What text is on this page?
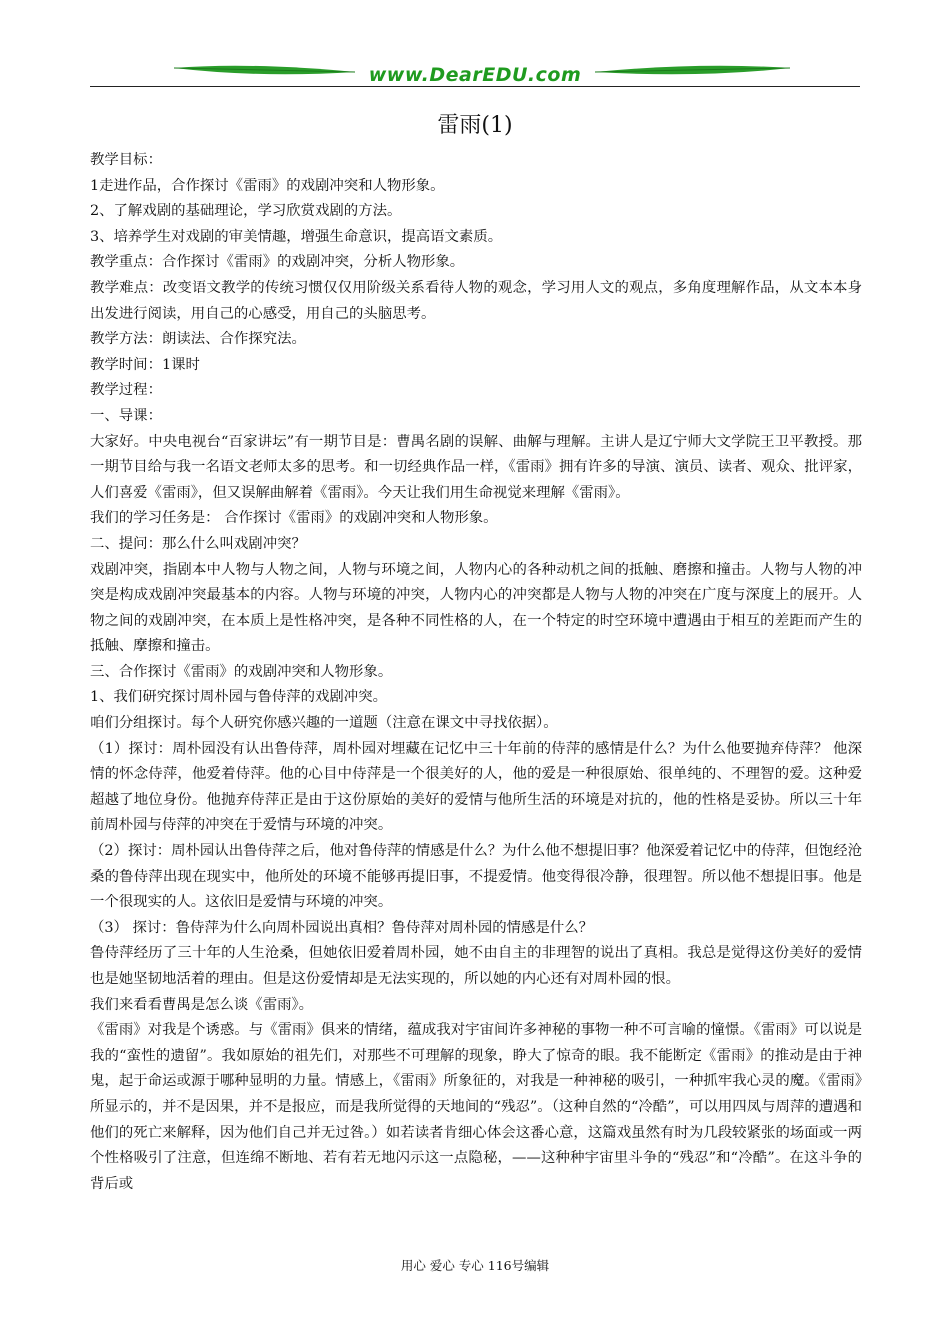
www.DearEDU.com
雷雨(1)

教学目标：

1走进作品，合作探讨《雷雨》的戏剧冲突和人物形象。

2、了解戏剧的基础理论，学习欣赏戏剧的方法。

3、培养学生对戏剧的审美情趣，增强生命意识，提高语文素质。

教学重点：合作探讨《雷雨》的戏剧冲突，分析人物形象。

教学难点：改变语文教学的传统习惯仅仅用阶级关系看待人物的观念，学习用人文的观点，多角度理解作品，从文本本身出发进行阅读，用自己的心感受，用自己的头脑思考。

教学方法：朗读法、合作探究法。

教学时间：1课时

教学过程：

一、导课：

大家好。中央电视台“百家讲坛”有一期节目是：曹禺名剧的误解、曲解与理解。主讲人是辽宁师大文学院王卫平教授。那一期节目给与我一名语文老师太多的思考。和一切经典作品一样，《雷雨》拥有许多的导演、演员、读者、观众、批评家，人们喜爱《雷雨》，但又误解曲解着《雷雨》。今天让我们用生命视觉来理解《雷雨》。

我们的学习任务是： 合作探讨《雷雨》的戏剧冲突和人物形象。

二、提问：那么什么叫戏剧冲突？

戏剧冲突，指剧本中人物与人物之间，人物与环境之间，人物内心的各种动机之间的抵触、磨擦和撞击。人物与人物的冲突是构成戏剧冲突最基本的内容。人物与环境的冲突，人物内心的冲突都是人物与人物的冲突在广度与深度上的展开。人物之间的戏剧冲突，在本质上是性格冲突，是各种不同性格的人，在一个特定的时空环境中遭遇由于相互的差距而产生的抵触、摩擦和撞击。

三、合作探讨《雷雨》的戏剧冲突和人物形象。

1、我们研究探讨周朴园与鲁侍萍的戏剧冲突。

咱们分组探讨。每个人研究你感兴趣的一道题（注意在课文中寻找依据）。

（1）探讨：周朴园没有认出鲁侍萍，周朴园对埋藏在记忆中三十年前的侍萍的感情是什么？为什么他要抛弃侍萍？ 他深情的怀念侍萍，他爱着侍萍。他的心目中侍萍是一个很美好的人，他的爱是一种很原始、很单纯的、不理智的爱。这种爱超越了地位身份。他抛弃侍萍正是由于这份原始的美好的爱情与他所生活的环境是对抗的，他的性格是妥协。所以三十年前周朴园与侍萍的冲突在于爱情与环境的冲突。

（2）探讨：周朴园认出鲁侍萍之后，他对鲁侍萍的情感是什么？为什么他不想提旧事？他深爱着记忆中的侍萍，但饱经沧桑的鲁侍萍出现在现实中，他所处的环境不能够再提旧事，不提爱情。他变得很冷静，很理智。所以他不想提旧事。他是一个很现实的人。这依旧是爱情与环境的冲突。

（3） 探讨：鲁侍萍为什么向周朴园说出真相？鲁侍萍对周朴园的情感是什么？

鲁侍萍经历了三十年的人生沧桑，但她依旧爱着周朴园，她不由自主的非理智的说出了真相。我总是觉得这份美好的爱情也是她坚韧地活着的理由。但是这份爱情却是无法实现的，所以她的内心还有对周朴园的恨。

我们来看看曹禺是怎么谈《雷雨》。

《雷雨》对我是个诱惑。与《雷雨》俱来的情绪，蕴成我对宇宙间许多神秘的事物一种不可言喻的憧憬。《雷雨》可以说是我的“蛮性的遗留”。我如原始的祖先们，对那些不可理解的现象，睁大了惊奇的眼。我不能断定《雷雨》的推动是由于神鬼，起于命运或源于哪种显明的力量。情感上，《雷雨》所象征的，对我是一种神秘的吸引，一种抓牢我心灵的魔。《雷雨》所显示的，并不是因果，并不是报应，而是我所觉得的天地间的“残忍”。（这种自然的“冷酷”，可以用四凤与周萍的遭遇和他们的死亡来解释，因为他们自己并无过咎。）如若读者肯细心体会这番心意，这篇戏虽然有时为几段较紧张的场面或一两个性格吸引了注意，但连绵不断地、若有若无地闪示这一点隐秘，——这种种宇宙里斗争的“残忍”和“冷酷”。在这斗争的背后或

用心 爱心 专心 116号编辑
